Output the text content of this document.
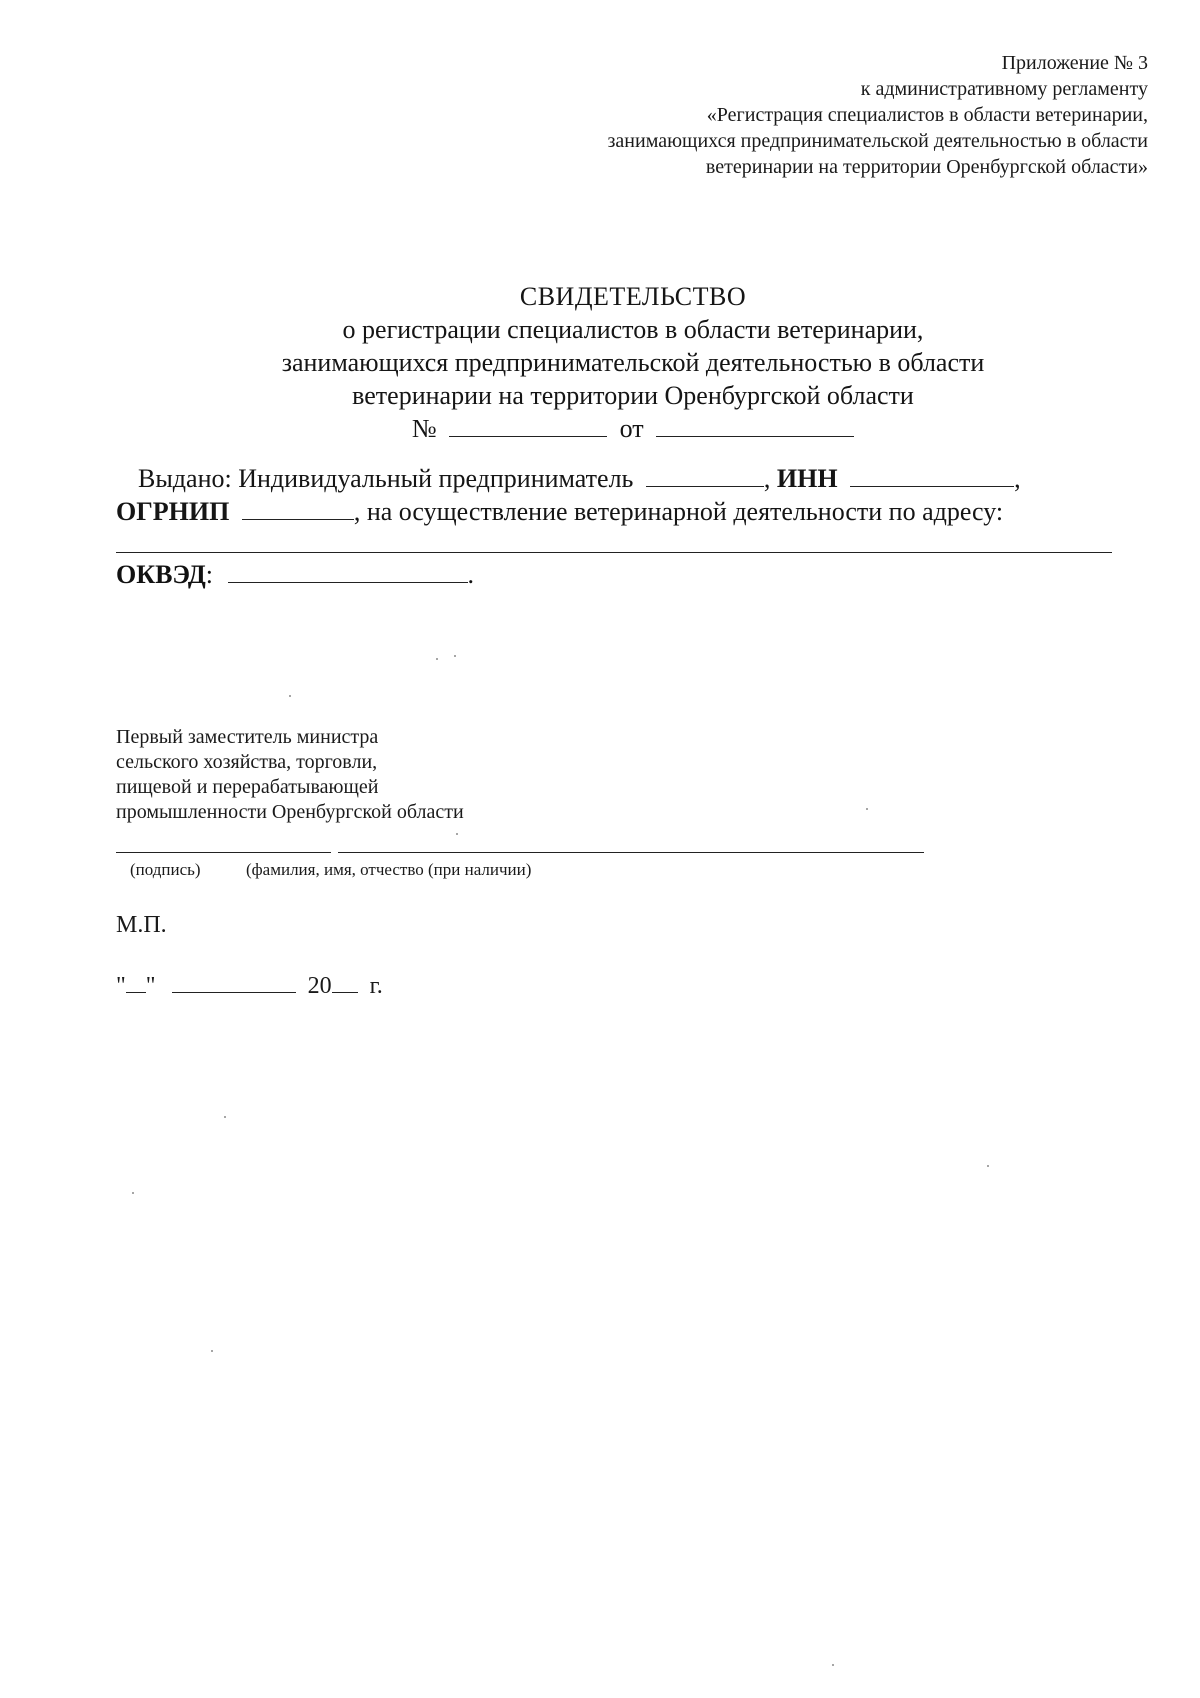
Приложение № 3
к административному регламенту
«Регистрация специалистов в области ветеринарии,
занимающихся предпринимательской деятельностью в области
ветеринарии на территории Оренбургской области»
СВИДЕТЕЛЬСТВО
о регистрации специалистов в области ветеринарии,
занимающихся предпринимательской деятельностью в области
ветеринарии на территории Оренбургской области
№	от
Выдано: Индивидуальный предприниматель	, ИНН	,
ОГРНИП	, на осуществление ветеринарной деятельности по адресу:
ОКВЭД:	.
Первый заместитель министра
сельского хозяйства, торговли,
пищевой и перерабатывающей
промышленности Оренбургской области
(подпись)	(фамилия, имя, отчество (при наличии)
М.П.
" "	20 г.
